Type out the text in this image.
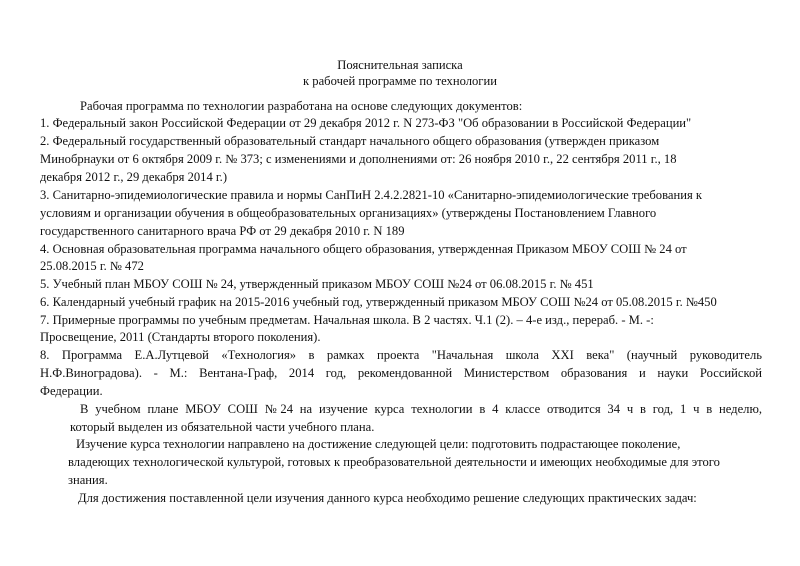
Пояснительная записка
к рабочей программе по технологии
Рабочая программа по технологии разработана на основе следующих документов:
1. Федеральный закон Российской Федерации от 29 декабря 2012 г. N 273-ФЗ "Об образовании в Российской Федерации"
2. Федеральный государственный образовательный стандарт начального общего образования (утвержден приказом
Минобрнауки от 6 октября 2009 г. № 373; с изменениями и дополнениями от: 26 ноября 2010 г., 22 сентября 2011 г., 18
декабря 2012 г., 29 декабря 2014 г.)
3. Санитарно-эпидемиологические правила и нормы СанПиН 2.4.2.2821-10 «Санитарно-эпидемиологические требования к
условиям и организации обучения в общеобразовательных организациях» (утверждены Постановлением Главного
государственного санитарного врача РФ от 29 декабря 2010 г. N 189
4. Основная образовательная программа начального общего образования, утвержденная Приказом МБОУ СОШ № 24 от
25.08.2015 г. № 472
5. Учебный план МБОУ СОШ № 24, утвержденный приказом МБОУ СОШ №24 от 06.08.2015 г. № 451
6. Календарный учебный график на 2015-2016 учебный год, утвержденный приказом МБОУ СОШ №24 от 05.08.2015 г. №450
7. Примерные программы по учебным предметам. Начальная школа. В 2 частях. Ч.1 (2). – 4-е изд., перераб. - М. -:
Просвещение, 2011 (Стандарты второго поколения).
8. Программа Е.А.Лутцевой «Технология» в рамках проекта "Начальная школа XXI века" (научный руководитель
Н.Ф.Виноградова). - М.: Вентана-Граф, 2014 год, рекомендованной Министерством образования и науки Российской
Федерации.
В учебном плане МБОУ СОШ №24 на изучение курса технологии в 4 классе отводится 34 ч в год, 1 ч в неделю,
который выделен из обязательной части учебного плана.
Изучение курса технологии направлено на достижение следующей цели: подготовить подрастающее поколение,
владеющих технологической культурой, готовых к преобразовательной деятельности и имеющих необходимые для этого
знания.
Для достижения поставленной цели изучения данного курса необходимо решение следующих практических задач:
